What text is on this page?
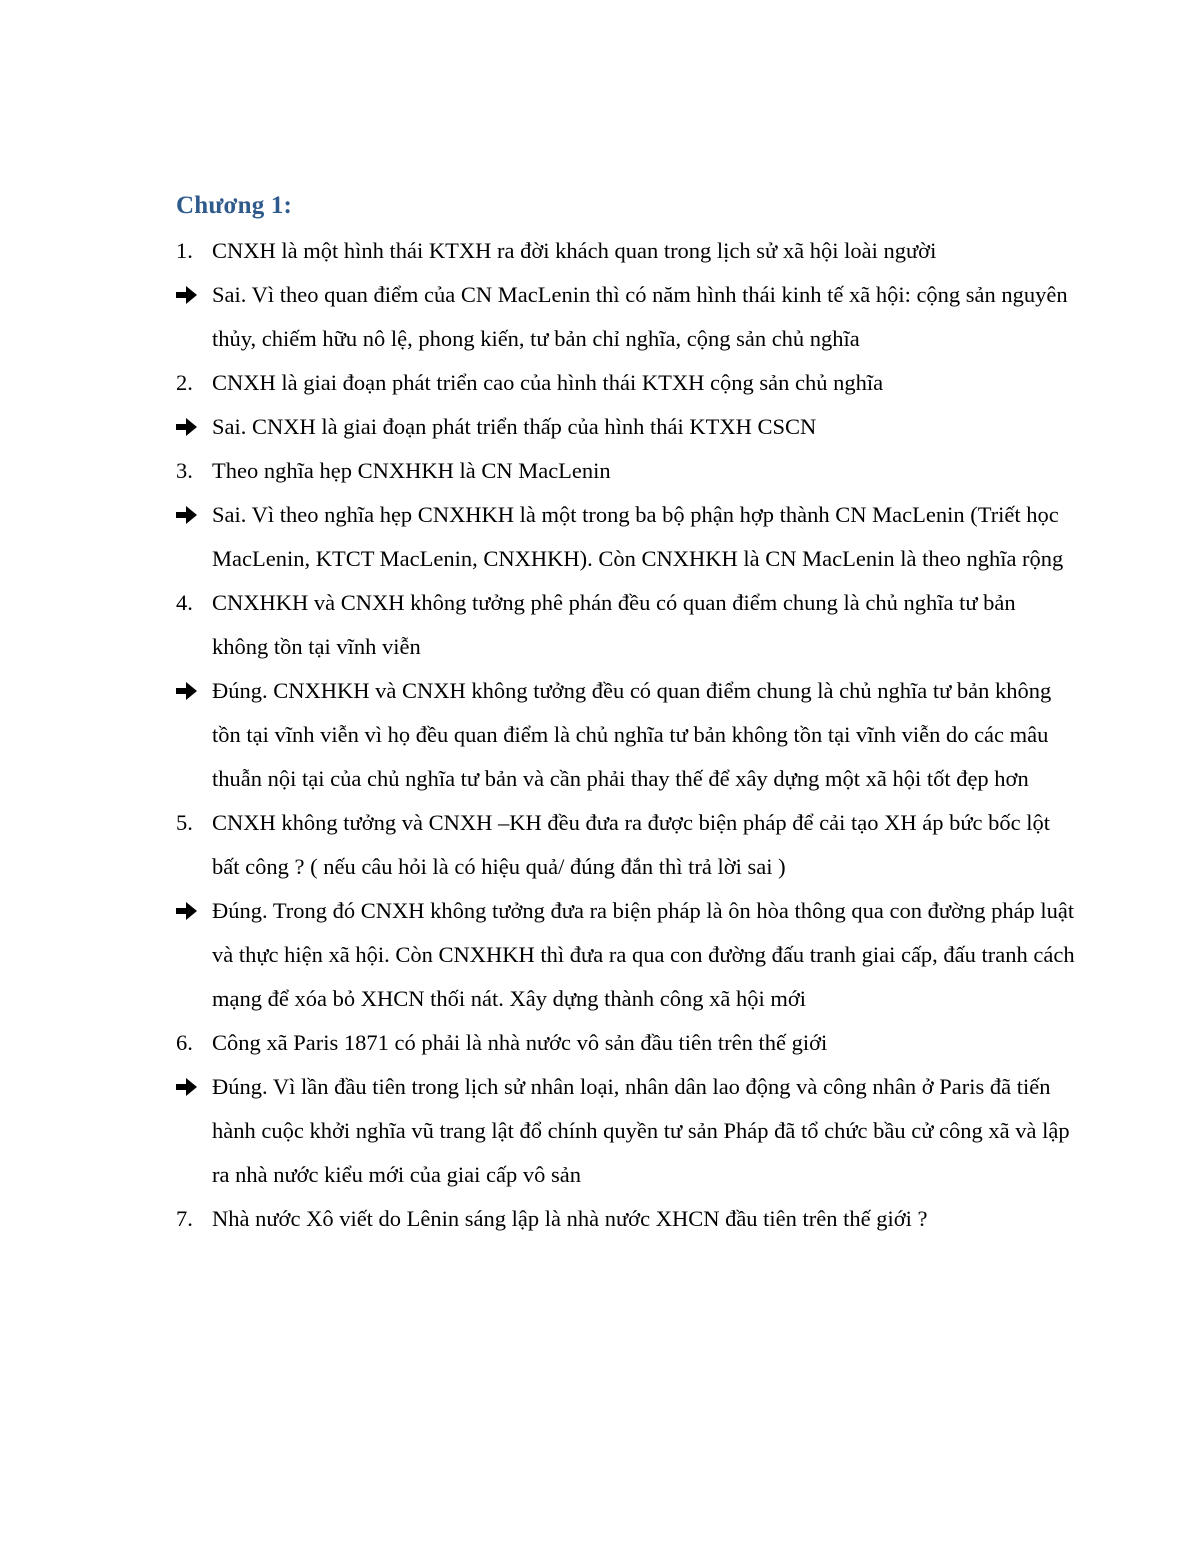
Chương 1:
1. CNXH là một hình thái KTXH ra đời khách quan trong lịch sử xã hội loài người
Sai. Vì theo quan điểm của CN MacLenin thì có năm hình thái kinh tế xã hội: cộng sản nguyên thủy, chiếm hữu nô lệ, phong kiến, tư bản chỉ nghĩa, cộng sản chủ nghĩa
2. CNXH là giai đoạn phát triển cao của hình thái KTXH cộng sản chủ nghĩa
Sai. CNXH là giai đoạn phát triển thấp của hình thái KTXH CSCN
3. Theo nghĩa hẹp CNXHKH là CN MacLenin
Sai. Vì theo nghĩa hẹp CNXHKH là một trong ba bộ phận hợp thành CN MacLenin (Triết học MacLenin, KTCT MacLenin, CNXHKH). Còn CNXHKH là CN MacLenin là theo nghĩa rộng
4. CNXHKH và CNXH không tưởng phê phán đều có quan điểm chung là chủ nghĩa tư bản không tồn tại vĩnh viễn
Đúng. CNXHKH và CNXH không tưởng đều có quan điểm chung là chủ nghĩa tư bản không tồn tại vĩnh viễn vì họ đều quan điểm là chủ nghĩa tư bản không tồn tại vĩnh viễn do các mâu thuẫn nội tại của chủ nghĩa tư bản và cần phải thay thế để xây dựng một xã hội tốt đẹp hơn
5. CNXH không tưởng và CNXH –KH đều đưa ra được biện pháp để cải tạo XH áp bức bốc lột bất công ? ( nếu câu hỏi là có hiệu quả/ đúng đắn thì trả lời sai )
Đúng. Trong đó CNXH không tưởng đưa ra biện pháp là ôn hòa thông qua con đường pháp luật và thực hiện xã hội. Còn CNXHKH thì đưa ra qua con đường đấu tranh giai cấp, đấu tranh cách mạng để xóa bỏ XHCN thối nát. Xây dựng thành công xã hội mới
6. Công xã Paris 1871 có phải là nhà nước vô sản đầu tiên trên thế giới
Đúng. Vì lần đầu tiên trong lịch sử nhân loại, nhân dân lao động và công nhân ở Paris đã tiến hành cuộc khởi nghĩa vũ trang lật đổ chính quyền tư sản Pháp đã tổ chức bầu cử công xã và lập ra nhà nước kiểu mới của giai cấp vô sản
7. Nhà nước Xô viết do Lênin sáng lập là nhà nước XHCN đầu tiên trên thế giới ?
